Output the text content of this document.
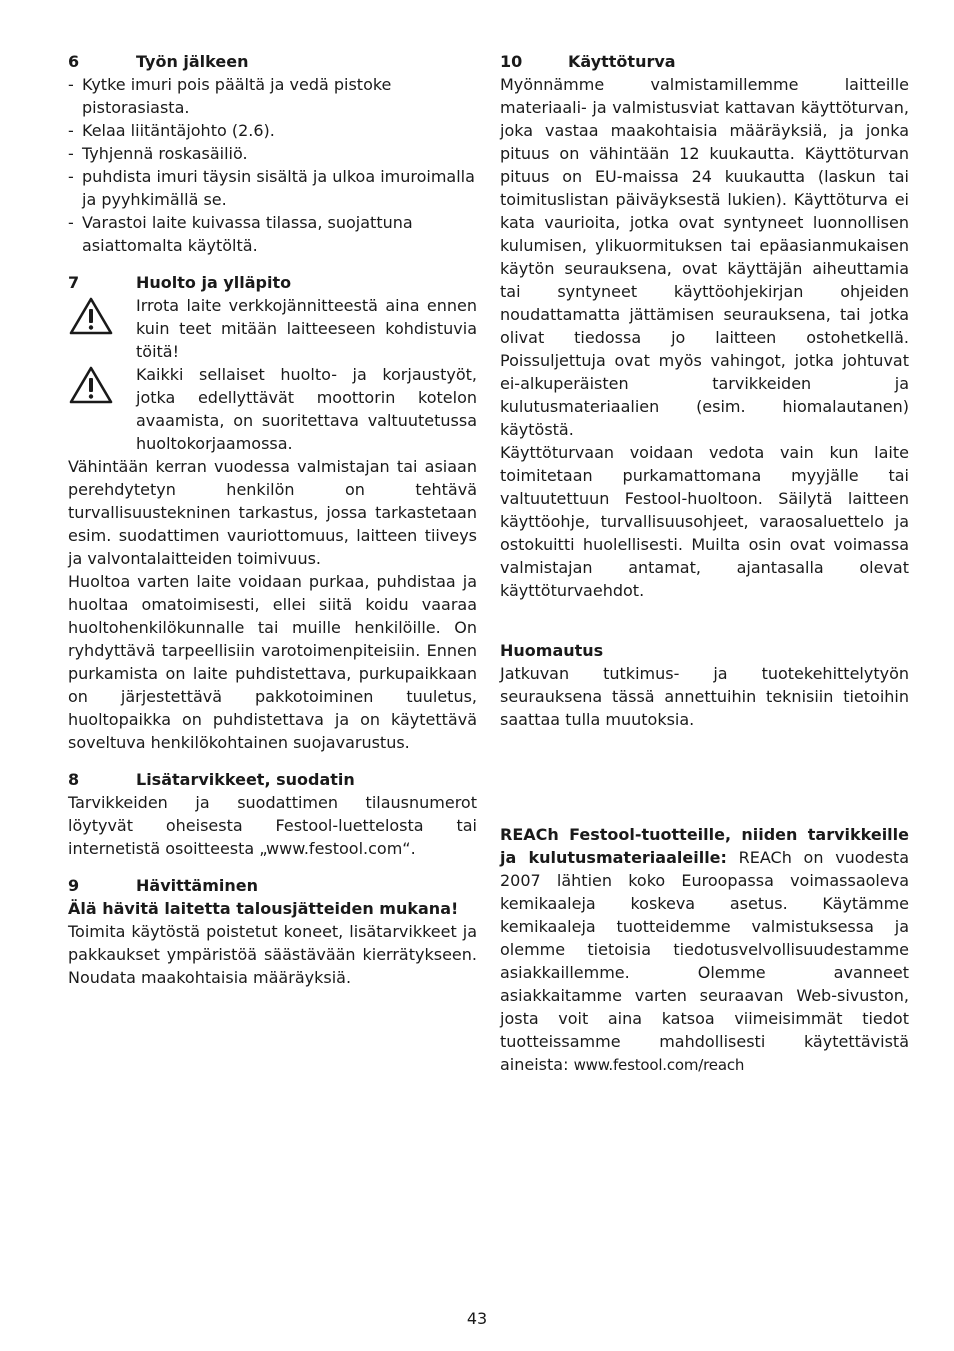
6	Työn jälkeen
- Kytke imuri pois päältä ja vedä pistoke pistorasiasta.
- Kelaa liitäntäjohto (2.6).
- Tyhjennä roskasäiliö.
- puhdista imuri täysin sisältä ja ulkoa imuroimalla ja pyyhkimällä se.
- Varastoi laite kuivassa tilassa, suojattuna asiattomalta käytöltä.
7	Huolto ja ylläpito

Irrota laite verkkojännitteestä aina ennen kuin teet mitään laitteeseen kohdistuvia töitä!

Kaikki sellaiset huolto- ja korjaustyöt, jotka edellyttävät moottorin kotelon avaamista, on suoritettava valtuutetussa huoltokorjaamossa.

Vähintään kerran vuodessa valmistajan tai asiaan perehdytetyn henkilön on tehtävä turvallisuustekninen tarkastus, jossa tarkastetaan esim. suodattimen vauriottomuus, laitteen tiiveys ja valvontalaitteiden toimivuus.

Huoltoa varten laite voidaan purkaa, puhdistaa ja huoltaa omatoimisesti, ellei siitä koidu vaaraa huoltohenkilökunnalle tai muille henkilöille. On ryhdyttävä tarpeellisiin varotoimenpiteisiin. Ennen purkamista on laite puhdistettava, purkupaikkaan on järjestettävä pakkotoiminen tuuletus, huoltopaikka on puhdistettava ja on käytettävä soveltuva henkilökohtainen suojavarustus.

8	Lisätarvikkeet, suodatin

Tarvikkeiden ja suodattimen tilausnumerot löytyvät oheisesta Festool-luettelosta tai internetistä osoitteesta „www.festool.com“.

9	Hävittäminen

Älä hävitä laitetta talousjätteiden mukana!

Toimita käytöstä poistetut koneet, lisätarvikkeet ja pakkaukset ympäristöä säästävään kierrätykseen. Noudata maakohtaisia määräyksiä.

10	Käyttöturva

Myönnämme valmistamillemme laitteille materiaali- ja valmistusviat kattavan käyttöturvan, joka vastaa maakohtaisia määräyksiä, ja jonka pituus on vähintään 12 kuukautta. Käyttöturvan pituus on EU-maissa 24 kuukautta (laskun tai toimituslistan päiväyksestä lukien). Käyttöturva ei kata vaurioita, jotka ovat syntyneet luonnollisen kulumisen, ylikuormituksen tai epäasianmukaisen käytön seurauksena, ovat käyttäjän aiheuttamia tai syntyneet käyttöohjekirjan ohjeiden noudattamatta jättämisen seurauksena, tai jotka olivat tiedossa jo laitteen ostohetkellä. Poissuljettuja ovat myös vahingot, jotka johtuvat ei-alkuperäisten tarvikkeiden ja kulutusmateriaalien (esim. hiomalautanen) käytöstä.

Käyttöturvaan voidaan vedota vain kun laite toimitetaan purkamattomana myyjälle tai valtuutettuun Festool-huoltoon. Säilytä laitteen käyttöohje, turvallisuusohjeet, varaosaluettelo ja ostokuitti huolellisesti. Muilta osin ovat voimassa valmistajan antamat, ajantasalla olevat käyttöturvaehdot.

Huomautus

Jatkuvan tutkimus- ja tuotekehittelytyön seurauksena tässä annettuihin teknisiin tietoihin saattaa tulla muutoksia.

REACh Festool-tuotteille, niiden tarvikkeille ja kulutusmateriaaleille: REACh on vuodesta 2007 lähtien koko Euroopassa voimassaoleva kemikaaleja koskeva asetus. Käytämme kemikaaleja tuotteidemme valmistuksessa ja olemme tietoisia tiedotusvelvollisuudestamme asiakkaillemme. Olemme avanneet asiakkaitamme varten seuraavan Web-sivuston, josta voit aina katsoa viimeisimmät tiedot tuotteissamme mahdollisesti käytettävistä aineista: www.festool.com/reach

43
